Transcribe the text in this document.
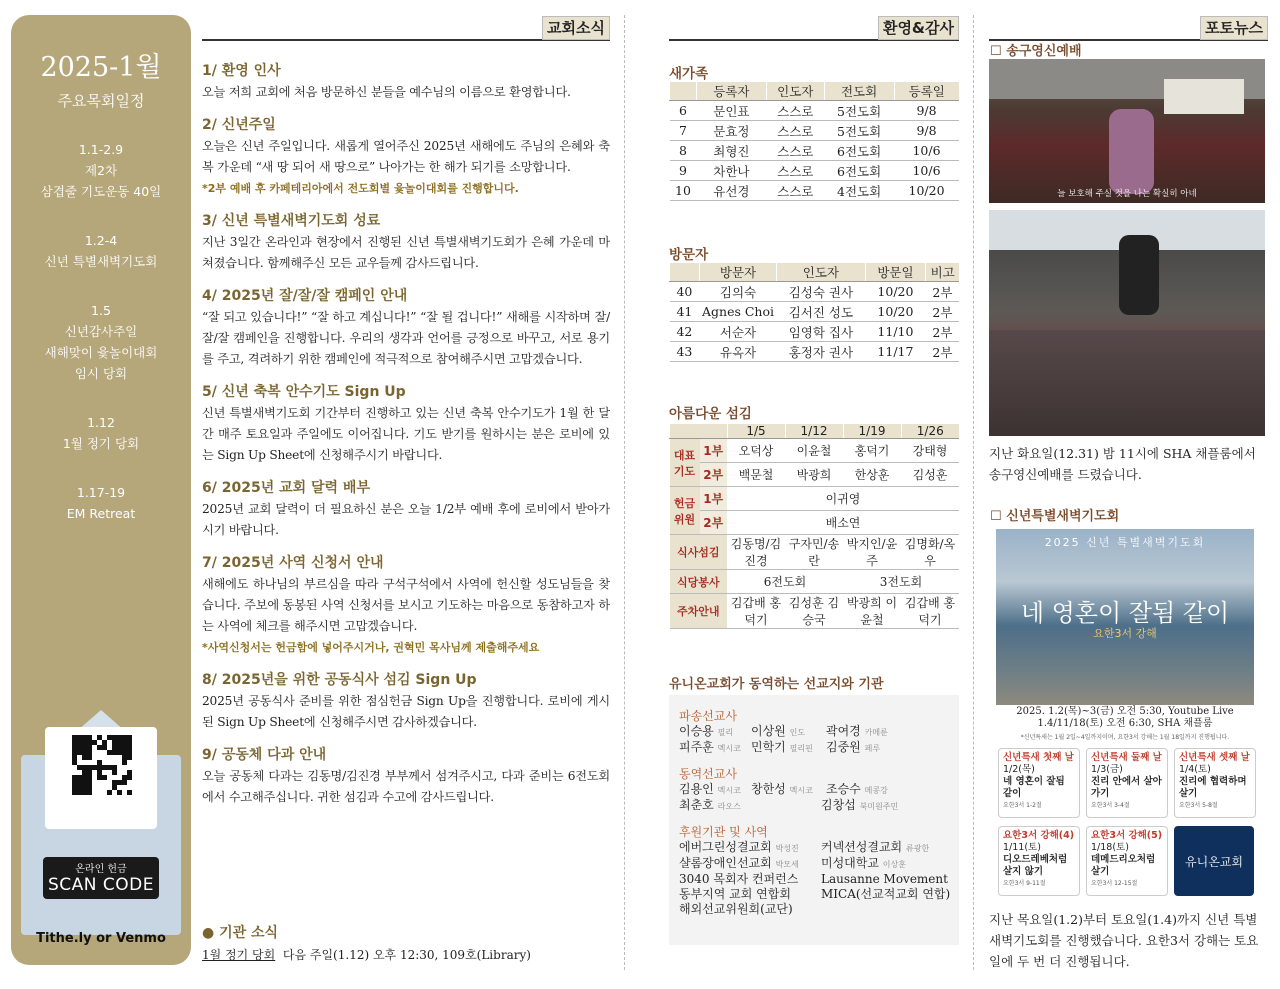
2025-1월
주요목회일정
1.1-2.9
제2차
삼겹줄 기도운동 40일
1.2-4
신년 특별새벽기도회
1.5
신년감사주일
새해맞이 윷놀이대회
임시 당회
1.12
1월 정기 당회
1.17-19
EM Retreat
온라인 헌금
SCAN CODE
Tithe.ly or Venmo
교회소식
1/ 환영 인사
오늘 저희 교회에 처음 방문하신 분들을 예수님의 이름으로 환영합니다.
2/ 신년주일
오늘은 신년 주일입니다. 새롭게 열어주신 2025년 새해에도 주님의 은혜와 축복 가운데 “새 땅 되어 새 땅으로” 나아가는 한 해가 되기를 소망합니다.
*2부 예배 후 카페테리아에서 전도회별 윷놀이대회를 진행합니다.
3/ 신년 특별새벽기도회 성료
지난 3일간 온라인과 현장에서 진행된 신년 특별새벽기도회가 은혜 가운데 마쳐졌습니다. 함께해주신 모든 교우들께 감사드립니다.
4/ 2025년 잘/잘/잘 캠페인 안내
“잘 되고 있습니다!” “잘 하고 계십니다!” “잘 될 겁니다!” 새해를 시작하며 잘/잘/잘 캠페인을 진행합니다. 우리의 생각과 언어를 긍정으로 바꾸고, 서로 용기를 주고, 격려하기 위한 캠페인에 적극적으로 참여해주시면 고맙겠습니다.
5/ 신년 축복 안수기도 Sign Up
신년 특별새벽기도회 기간부터 진행하고 있는 신년 축복 안수기도가 1월 한 달간 매주 토요일과 주일에도 이어집니다. 기도 받기를 원하시는 분은 로비에 있는 Sign Up Sheet에 신청해주시기 바랍니다.
6/ 2025년 교회 달력 배부
2025년 교회 달력이 더 필요하신 분은 오늘 1/2부 예배 후에 로비에서 받아가시기 바랍니다.
7/ 2025년 사역 신청서 안내
새해에도 하나님의 부르심을 따라 구석구석에서 사역에 헌신할 성도님들을 찾습니다. 주보에 동봉된 사역 신청서를 보시고 기도하는 마음으로 동참하고자 하는 사역에 체크를 해주시면 고맙겠습니다.
*사역신청서는 헌금함에 넣어주시거나, 권혁민 목사님께 제출해주세요
8/ 2025년을 위한 공동식사 섬김 Sign Up
2025년 공동식사 준비를 위한 점심헌금 Sign Up을 진행합니다. 로비에 게시된 Sign Up Sheet에 신청해주시면 감사하겠습니다.
9/ 공동체 다과 안내
오늘 공동체 다과는 김동명/김진경 부부께서 섬겨주시고, 다과 준비는 6전도회에서 수고해주십니다. 귀한 섬김과 수고에 감사드립니다.
● 기관 소식
1월 정기 당회 다음 주일(1.12) 오후 12:30, 109호(Library)
환영&감사
새가족
	등록자	인도자	전도회	등록일
6	문인표	스스로	5전도회	9/8
7	문효정	스스로	5전도회	9/8
8	최형진	스스로	6전도회	10/6
9	차한나	스스로	6전도회	10/6
10	유선경	스스로	4전도회	10/20
방문자
	방문자	인도자	방문일	비고
40	김의숙	김성숙 권사	10/20	2부
41	Agnes Choi	김서진 성도	10/20	2부
42	서순자	임영학 집사	11/10	2부
43	유옥자	홍정자 권사	11/17	2부
아름다운 섬김
		1/5	1/12	1/19	1/26
대표기도	1부	오덕상	이윤철	홍덕기	강태형
	2부	백문철	박광희	한상훈	김성훈
헌금위원	1부	이귀영			
	2부	배소연			
식사섬김		김동명/김진경	구자민/송란	박지인/윤주	김명화/옥우
식당봉사		6전도회		3전도회	
주차안내		김갑배 홍덕기	김성훈 김승국	박광희 이윤철	김갑배 홍덕기
유니온교회가 동역하는 선교지와 기관
파송선교사
이승용 필리 이상원 인도 곽여경 카메룬
피주훈 멕시코 민학기 필리핀 김중원 페루
동역선교사
김용인 멕시코 창한성 멕시코 조승수 메콩강
최춘호 라오스	김창섭 북미원주민
후원기관 및 사역
에버그린성결교회 박성진 커넥션성결교회 류광한
샬롬장애인선교회 박모세 미성대학교 이상훈
3040 목회자 컨퍼런스 Lausanne Movement
동부지역 교회 연합회	MICA(선교적교회 연합)
해외선교위원회(교단)
포토뉴스
☐ 송구영신예배
늘 보호해 주실 것을 나는 확실히 아네
지난 화요일(12.31) 밤 11시에 SHA 채플룸에서 송구영신예배를 드렸습니다.
☐ 신년특별새벽기도회
2025 신년 특별새벽기도회
네 영혼이 잘됨 같이
요한3서 강해
2025. 1.2(목)~3(금) 오전 5:30, Youtube Live
1.4/11/18(토) 오전 6:30, SHA 채플룸
*신년특새는 1월 2일~4일까지이며, 요한3서 강해는 1월 18일까지 진행됩니다.
신년특새 첫째 날
1/2(목)
네 영혼이 잘됨 같이
요한3서 1-2절
신년특새 둘째 날
1/3(금)
진리 안에서 살아가기
요한3서 3-4절
신년특새 셋째 날
1/4(토)
진리에 협력하며 살기
요한3서 5-8절
요한3서 강해(4)
1/11(토)
디오드레베처럼 살지 않기
요한3서 9-11절
요한3서 강해(5)
1/18(토)
데메드리오처럼 살기
요한3서 12-15절
유니온교회
지난 목요일(1.2)부터 토요일(1.4)까지 신년 특별새벽기도회를 진행했습니다. 요한3서 강해는 토요일에 두 번 더 진행됩니다.
